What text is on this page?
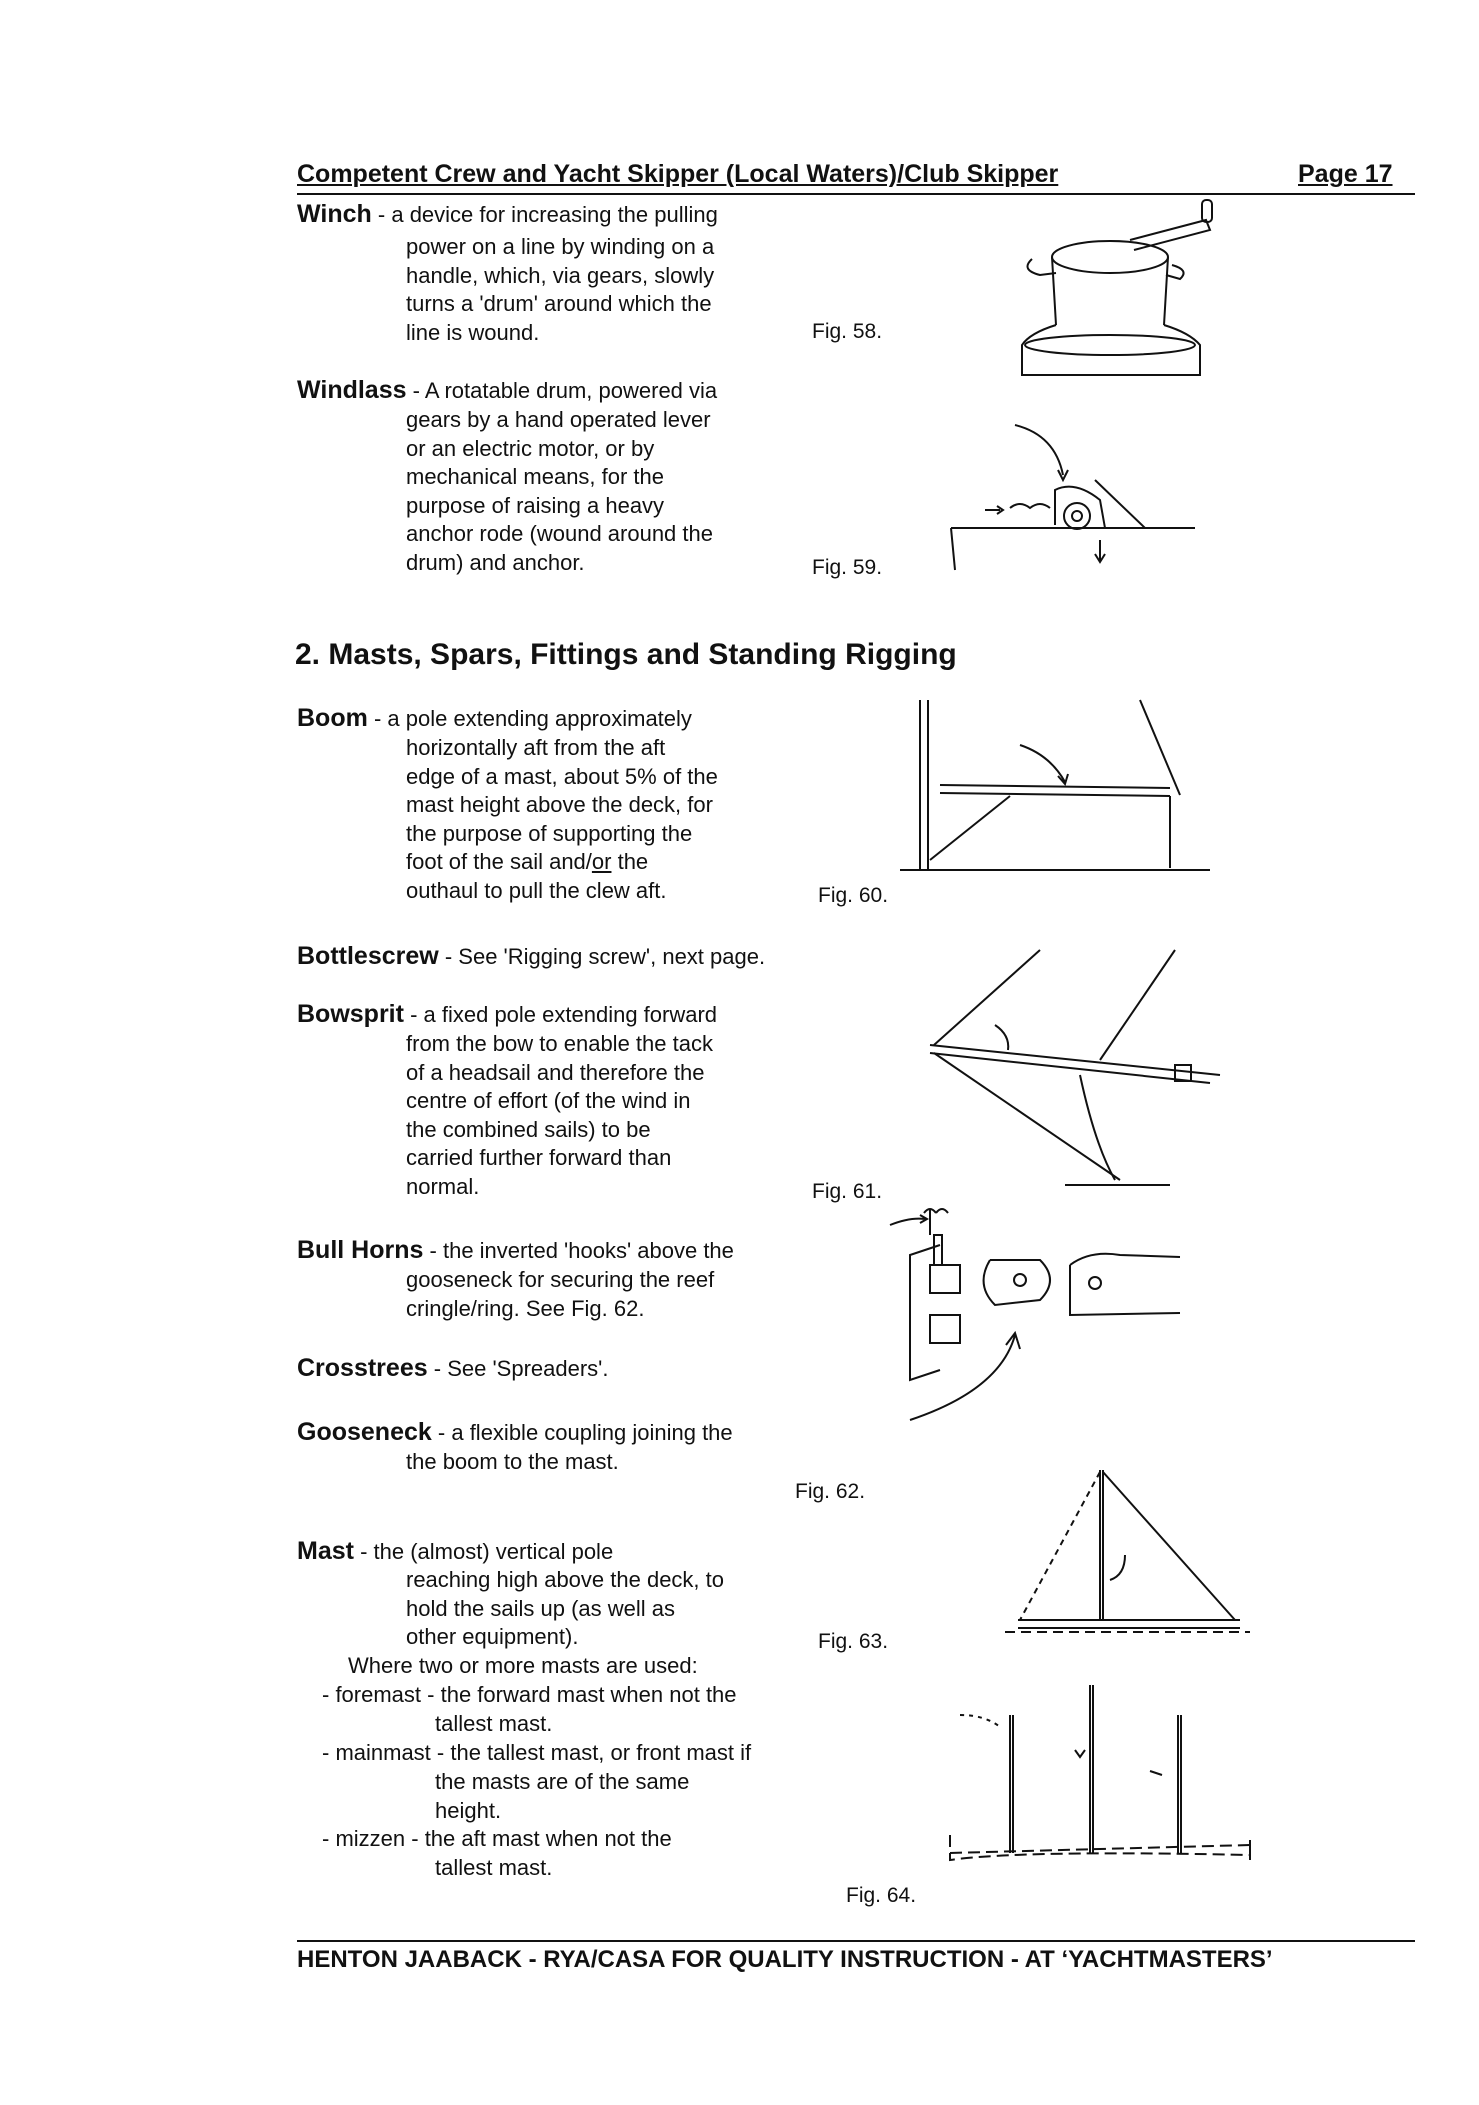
Competent Crew and Yacht Skipper (Local Waters)/Club Skipper	Page 17
Winch - a device for increasing the pulling
power on a line by winding on a
handle, which, via gears, slowly
turns a 'drum' around which the
line is wound.	Fig. 58.
Windlass - A rotatable drum, powered via
gears by a hand operated lever
or an electric motor, or by
mechanical means, for the
purpose of raising a heavy
anchor rode (wound around the
drum) and anchor.	Fig. 59.
2. Masts, Spars, Fittings and Standing Rigging
Boom - a pole extending approximately
horizontally aft from the aft
edge of a mast, about 5% of the
mast height above the deck, for
the purpose of supporting the
foot of the sail and/or the
outhaul to pull the clew aft.	Fig. 60.
Bottlescrew - See 'Rigging screw', next page.
Bowsprit - a fixed pole extending forward
from the bow to enable the tack
of a headsail and therefore the
centre of effort (of the wind in
the combined sails) to be
carried further forward than
normal.	Fig. 61.
Bull Horns - the inverted 'hooks' above the
gooseneck for securing the reef
cringle/ring. See Fig. 62.
Crosstrees - See 'Spreaders'.
Gooseneck - a flexible coupling joining the
the boom to the mast.
Fig. 62.
Mast - the (almost) vertical pole
reaching high above the deck, to
hold the sails up (as well as
other equipment).	Fig. 63.
Where two or more masts are used:
- foremast - the forward mast when not the
tallest mast.
- mainmast - the tallest mast, or front mast if
the masts are of the same
height.
- mizzen - the aft mast when not the
tallest mast.
Fig. 64.
HENTON JAABACK - RYA/CASA FOR QUALITY INSTRUCTION - AT ‘YACHTMASTERS’
